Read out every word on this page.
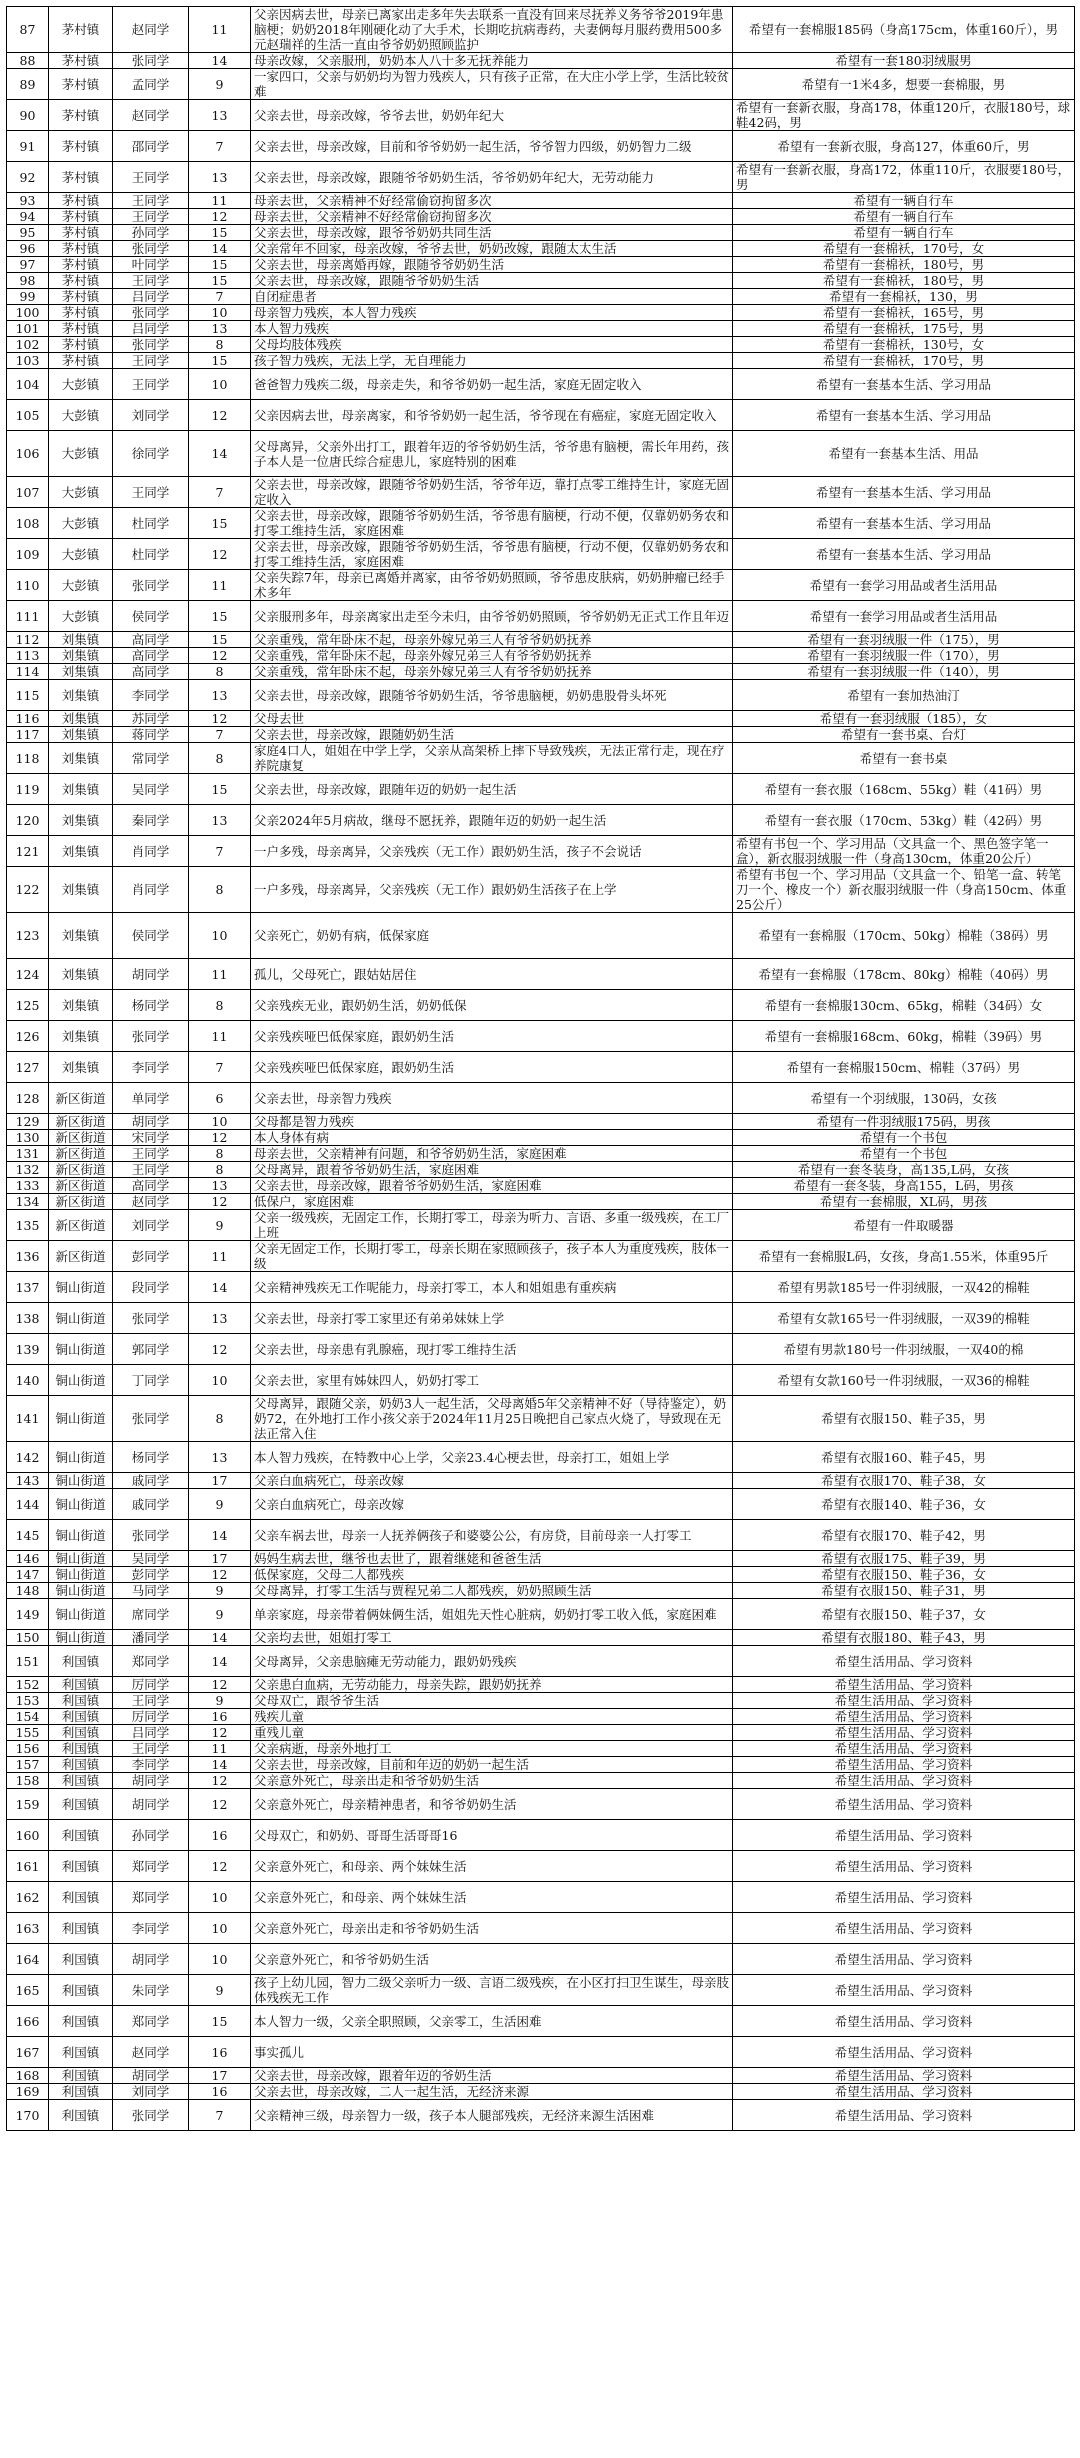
87	茅村镇	赵同学	11	父亲因病去世，母亲已离家出走多年失去联系一直没有回来尽抚养义务爷爷2019年患脑梗；奶奶2018年刚硬化动了大手术，长期吃抗病毒药，夫妻俩每月服药费用500多元赵瑞祥的生活一直由爷爷奶奶照顾监护	希望有一套棉服185码（身高175cm，体重160斤），男
88	茅村镇	张同学	14	母亲改嫁，父亲服刑，奶奶本人八十多无抚养能力	希望有一套180羽绒服男
89	茅村镇	孟同学	9	一家四口，父亲与奶奶均为智力残疾人，只有孩子正常，在大庄小学上学，生活比较贫难	希望有一1米4多，想要一套棉服，男
90	茅村镇	赵同学	13	父亲去世，母亲改嫁，爷爷去世，奶奶年纪大	希望有一套新衣服，身高178，体重120斤，衣服180号，球鞋42码，男
91	茅村镇	邵同学	7	父亲去世，母亲改嫁，目前和爷爷奶奶一起生活，爷爷智力四级，奶奶智力二级	希望有一套新衣服，身高127，体重60斤，男
92	茅村镇	王同学	13	父亲去世，母亲改嫁，跟随爷爷奶奶生活，爷爷奶奶年纪大，无劳动能力	希望有一套新衣服，身高172，体重110斤，衣服要180号，男
93	茅村镇	王同学	11	母亲去世，父亲精神不好经常偷窃拘留多次	希望有一辆自行车
94	茅村镇	王同学	12	母亲去世，父亲精神不好经常偷窃拘留多次	希望有一辆自行车
95	茅村镇	孙同学	15	父亲去世，母亲改嫁，跟爷爷奶奶共同生活	希望有一辆自行车
96	茅村镇	张同学	14	父亲常年不回家，母亲改嫁，爷爷去世，奶奶改嫁，跟随太太生活	希望有一套棉袄，170号，女
97	茅村镇	叶同学	15	父亲去世，母亲离婚再嫁，跟随爷爷奶奶生活	希望有一套棉袄，180号，男
98	茅村镇	王同学	15	父亲去世，母亲改嫁，跟随爷爷奶奶生活	希望有一套棉袄，180号，男
99	茅村镇	吕同学	7	自闭症患者	希望有一套棉袄，130，男
100	茅村镇	张同学	10	母亲智力残疾，本人智力残疾	希望有一套棉袄，165号，男
101	茅村镇	吕同学	13	本人智力残疾	希望有一套棉袄，175号，男
102	茅村镇	张同学	8	父母均肢体残疾	希望有一套棉袄，130号，女
103	茅村镇	王同学	15	孩子智力残疾，无法上学，无自理能力	希望有一套棉袄，170号，男
104	大彭镇	王同学	10	爸爸智力残疾二级，母亲走失，和爷爷奶奶一起生活，家庭无固定收入	希望有一套基本生活、学习用品
105	大彭镇	刘同学	12	父亲因病去世，母亲离家，和爷爷奶奶一起生活，爷爷现在有癌症，家庭无固定收入	希望有一套基本生活、学习用品
106	大彭镇	徐同学	14	父母离异，父亲外出打工，跟着年迈的爷爷奶奶生活，爷爷患有脑梗，需长年用药，孩子本人是一位唐氏综合症患儿，家庭特别的困难	希望有一套基本生活、用品
107	大彭镇	王同学	7	父亲去世，母亲改嫁，跟随爷爷奶奶生活，爷爷年迈，靠打点零工维持生计，家庭无固定收入	希望有一套基本生活、学习用品
108	大彭镇	杜同学	15	父亲去世，母亲改嫁，跟随爷爷奶奶生活，爷爷患有脑梗，行动不便，仅靠奶奶务农和打零工维持生活，家庭困难	希望有一套基本生活、学习用品
109	大彭镇	杜同学	12	父亲去世，母亲改嫁，跟随爷爷奶奶生活，爷爷患有脑梗，行动不便，仅靠奶奶务农和打零工维持生活，家庭困难	希望有一套基本生活、学习用品
110	大彭镇	张同学	11	父亲失踪7年，母亲已离婚并离家，由爷爷奶奶照顾，爷爷患皮肤病，奶奶肿瘤已经手术多年	希望有一套学习用品或者生活用品
111	大彭镇	侯同学	15	父亲服刑多年，母亲离家出走至今未归，由爷爷奶奶照顾，爷爷奶奶无正式工作且年迈	希望有一套学习用品或者生活用品
112	刘集镇	高同学	15	父亲重残，常年卧床不起，母亲外嫁兄弟三人有爷爷奶奶抚养	希望有一套羽绒服一件（175），男
113	刘集镇	高同学	12	父亲重残，常年卧床不起，母亲外嫁兄弟三人有爷爷奶奶抚养	希望有一套羽绒服一件（170），男
114	刘集镇	高同学	8	父亲重残，常年卧床不起，母亲外嫁兄弟三人有爷爷奶奶抚养	希望有一套羽绒服一件（140），男
115	刘集镇	李同学	13	父亲去世，母亲改嫁，跟随爷爷奶奶生活，爷爷患脑梗，奶奶患股骨头坏死	希望有一套加热油汀
116	刘集镇	苏同学	12	父母去世	希望有一套羽绒服（185），女
117	刘集镇	蒋同学	7	父亲去世，母亲改嫁，跟随奶奶生活	希望有一套书桌、台灯
118	刘集镇	常同学	8	家庭4口人，姐姐在中学上学，父亲从高架桥上摔下导致残疾，无法正常行走，现在疗养院康复	希望有一套书桌
119	刘集镇	吴同学	15	父亲去世，母亲改嫁，跟随年迈的奶奶一起生活	希望有一套衣服（168cm、55kg）鞋（41码）男
120	刘集镇	秦同学	13	父亲2024年5月病故，继母不愿抚养，跟随年迈的奶奶一起生活	希望有一套衣服（170cm、53kg）鞋（42码）男
121	刘集镇	肖同学	7	一户多残，母亲离异，父亲残疾（无工作）跟奶奶生活，孩子不会说话	希望有书包一个、学习用品（文具盒一个、黑色签字笔一盒），新衣服羽绒服一件（身高130cm，体重20公斤）
122	刘集镇	肖同学	8	一户多残，母亲离异，父亲残疾（无工作）跟奶奶生活孩子在上学	希望有书包一个、学习用品（文具盒一个、铅笔一盒、转笔刀一个、橡皮一个）新衣服羽绒服一件（身高150cm、体重25公斤）
123	刘集镇	侯同学	10	父亲死亡，奶奶有病，低保家庭	希望有一套棉服（170cm、50kg）棉鞋（38码）男
124	刘集镇	胡同学	11	孤儿，父母死亡，跟姑姑居住	希望有一套棉服（178cm、80kg）棉鞋（40码）男
125	刘集镇	杨同学	8	父亲残疾无业，跟奶奶生活，奶奶低保	希望有一套棉服130cm、65kg，棉鞋（34码）女
126	刘集镇	张同学	11	父亲残疾哑巴低保家庭，跟奶奶生活	希望有一套棉服168cm、60kg，棉鞋（39码）男
127	刘集镇	李同学	7	父亲残疾哑巴低保家庭，跟奶奶生活	希望有一套棉服150cm、棉鞋（37码）男
128	新区街道	单同学	6	父亲去世，母亲智力残疾	希望有一个羽绒服，130码，女孩
129	新区街道	胡同学	10	父母都是智力残疾	希望有一件羽绒服175码，男孩
130	新区街道	宋同学	12	本人身体有病	希望有一个书包
131	新区街道	王同学	8	母亲去世，父亲精神有问题，和爷爷奶奶生活，家庭困难	希望有一个书包
132	新区街道	王同学	8	父母离异，跟着爷爷奶奶生活，家庭困难	希望有一套冬装身，高135,L码，女孩
133	新区街道	高同学	13	父亲去世，母亲改嫁，跟着爷爷奶奶生活，家庭困难	希望有一套冬装，身高155，L码，男孩
134	新区街道	赵同学	12	低保户，家庭困难	希望有一套棉服，XL码，男孩
135	新区街道	刘同学	9	父亲一级残疾，无固定工作，长期打零工，母亲为听力、言语、多重一级残疾，在工厂上班	希望有一件取暖器
136	新区街道	彭同学	11	父亲无固定工作，长期打零工，母亲长期在家照顾孩子，孩子本人为重度残疾，肢体一级	希望有一套棉服L码，女孩，身高1.55米，体重95斤
137	铜山街道	段同学	14	父亲精神残疾无工作呢能力，母亲打零工，本人和姐姐患有重疾病	希望有男款185号一件羽绒服，一双42的棉鞋
138	铜山街道	张同学	13	父亲去世，母亲打零工家里还有弟弟妹妹上学	希望有女款165号一件羽绒服，一双39的棉鞋
139	铜山街道	郭同学	12	父亲去世，母亲患有乳腺癌，现打零工维持生活	希望有男款180号一件羽绒服，一双40的棉
140	铜山街道	丁同学	10	父亲去世，家里有姊妹四人，奶奶打零工	希望有女款160号一件羽绒服，一双36的棉鞋
141	铜山街道	张同学	8	父母离异，跟随父亲，奶奶3人一起生活，父母离婚5年父亲精神不好（导待鉴定），奶奶72，在外地打工作小孩父亲于2024年11月25日晚把自己家点火烧了，导致现在无法正常入住	希望有衣服150、鞋子35，男
142	铜山街道	杨同学	13	本人智力残疾，在特教中心上学，父亲23.4心梗去世，母亲打工，姐姐上学	希望有衣服160、鞋子45，男
143	铜山街道	戚同学	17	父亲白血病死亡，母亲改嫁	希望有衣服170、鞋子38，女
144	铜山街道	戚同学	9	父亲白血病死亡，母亲改嫁	希望有衣服140、鞋子36，女
145	铜山街道	张同学	14	父亲车祸去世，母亲一人抚养俩孩子和婆婆公公，有房贷，目前母亲一人打零工	希望有衣服170、鞋子42，男
146	铜山街道	吴同学	17	妈妈生病去世，继爷也去世了，跟着继姥和爸爸生活	希望有衣服175、鞋子39，男
147	铜山街道	彭同学	12	低保家庭，父母二人都残疾	希望有衣服150、鞋子36，女
148	铜山街道	马同学	9	父母离异，打零工生活与贾程兄弟二人都残疾，奶奶照顾生活	希望有衣服150、鞋子31，男
149	铜山街道	席同学	9	单亲家庭，母亲带着俩妹俩生活，姐姐先天性心脏病，奶奶打零工收入低，家庭困难	希望有衣服150、鞋子37，女
150	铜山街道	潘同学	14	父亲均去世，姐姐打零工	希望有衣服180、鞋子43，男
151	利国镇	郑同学	14	父母离异，父亲患脑瘫无劳动能力，跟奶奶残疾	希望生活用品、学习资料
152	利国镇	厉同学	12	父亲患白血病，无劳动能力，母亲失踪，跟奶奶抚养	希望生活用品、学习资料
153	利国镇	王同学	9	父母双亡，跟爷爷生活	希望生活用品、学习资料
154	利国镇	厉同学	16	残疾儿童	希望生活用品、学习资料
155	利国镇	吕同学	12	重残儿童	希望生活用品、学习资料
156	利国镇	王同学	11	父亲病逝，母亲外地打工	希望生活用品、学习资料
157	利国镇	李同学	14	父亲去世，母亲改嫁，目前和年迈的奶奶一起生活	希望生活用品、学习资料
158	利国镇	胡同学	12	父亲意外死亡，母亲出走和爷爷奶奶生活	希望生活用品、学习资料
159	利国镇	胡同学	12	父亲意外死亡，母亲精神患者，和爷爷奶奶生活	希望生活用品、学习资料
160	利国镇	孙同学	16	父母双亡，和奶奶、哥哥生活哥哥16	希望生活用品、学习资料
161	利国镇	郑同学	12	父亲意外死亡，和母亲、两个妹妹生活	希望生活用品、学习资料
162	利国镇	郑同学	10	父亲意外死亡，和母亲、两个妹妹生活	希望生活用品、学习资料
163	利国镇	李同学	10	父亲意外死亡，母亲出走和爷爷奶奶生活	希望生活用品、学习资料
164	利国镇	胡同学	10	父亲意外死亡，和爷爷奶奶生活	希望生活用品、学习资料
165	利国镇	朱同学	9	孩子上幼儿园，智力二级父亲听力一级、言语二级残疾，在小区打扫卫生谋生，母亲肢体残疾无工作	希望生活用品、学习资料
166	利国镇	郑同学	15	本人智力一级，父亲全职照顾，父亲零工，生活困难	希望生活用品、学习资料
167	利国镇	赵同学	16	事实孤儿	希望生活用品、学习资料
168	利国镇	胡同学	17	父亲去世，母亲改嫁，跟着年迈的爷奶生活	希望生活用品、学习资料
169	利国镇	刘同学	16	父亲去世，母亲改嫁，二人一起生活，无经济来源	希望生活用品、学习资料
170	利国镇	张同学	7	父亲精神三级，母亲智力一级，孩子本人腿部残疾，无经济来源生活困难	希望生活用品、学习资料
